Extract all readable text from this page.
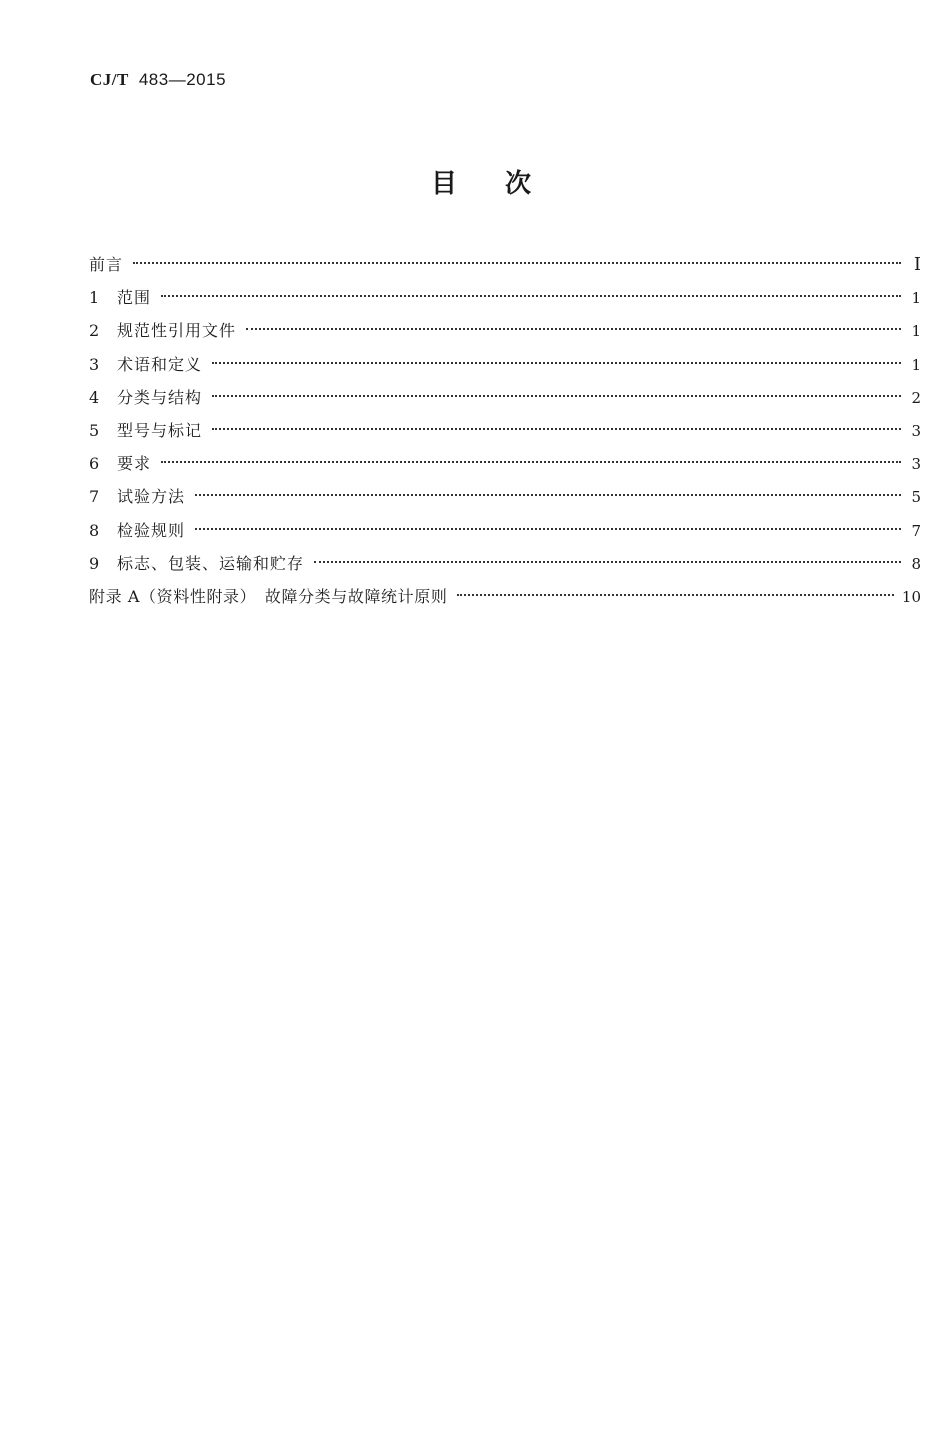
CJ/T 483—2015
目次
前言	I
1	范围	1
2	规范性引用文件	1
3	术语和定义	1
4	分类与结构	2
5	型号与标记	3
6	要求	3
7	试验方法	5
8	检验规则	7
9	标志、包装、运输和贮存	8
附录 A（资料性附录）　故障分类与故障统计原则	10
